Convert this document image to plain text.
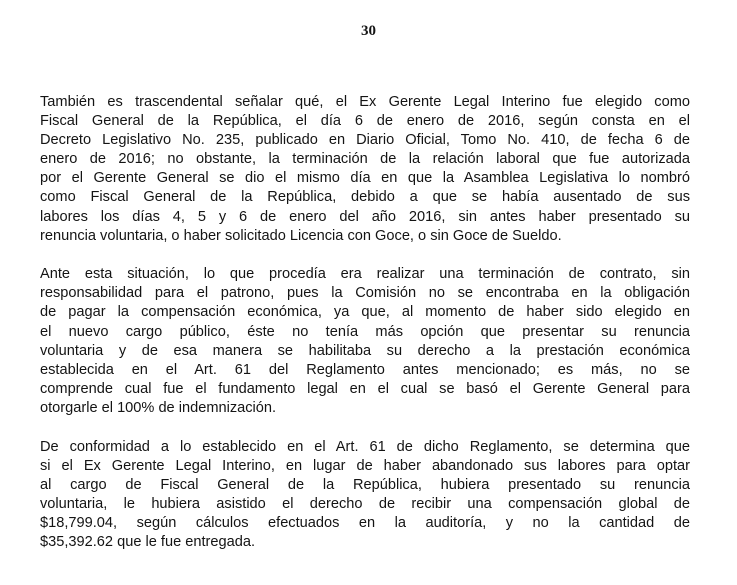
30

También es trascendental señalar qué, el Ex Gerente Legal Interino fue elegido como
Fiscal General de la República, el día 6 de enero de 2016, según consta en el
Decreto Legislativo No. 235, publicado en Diario Oficial, Tomo No. 410, de fecha 6 de
enero de 2016; no obstante, la terminación de la relación laboral que fue autorizada
por el Gerente General se dio el mismo día en que la Asamblea Legislativa lo nombró
como Fiscal General de la República, debido a que se había ausentado de sus
labores los días 4, 5 y 6 de enero del año 2016, sin antes haber presentado su
renuncia voluntaria, o haber solicitado Licencia con Goce, o sin Goce de Sueldo.

Ante esta situación, lo que procedía era realizar una terminación de contrato, sin
responsabilidad para el patrono, pues la Comisión no se encontraba en la obligación
de pagar la compensación económica, ya que, al momento de haber sido elegido en
el nuevo cargo público, éste no tenía más opción que presentar su renuncia
voluntaria y de esa manera se habilitaba su derecho a la prestación económica
establecida en el Art. 61 del Reglamento antes mencionado; es más, no se
comprende cual fue el fundamento legal en el cual se basó el Gerente General para
otorgarle el 100% de indemnización.

De conformidad a lo establecido en el Art. 61 de dicho Reglamento, se determina que
si el Ex Gerente Legal Interino, en lugar de haber abandonado sus labores para optar
al cargo de Fiscal General de la República, hubiera presentado su renuncia
voluntaria, le hubiera asistido el derecho de recibir una compensación global de
$18,799.04, según cálculos efectuados en la auditoría, y no la cantidad de
$35,392.62 que le fue entregada.
